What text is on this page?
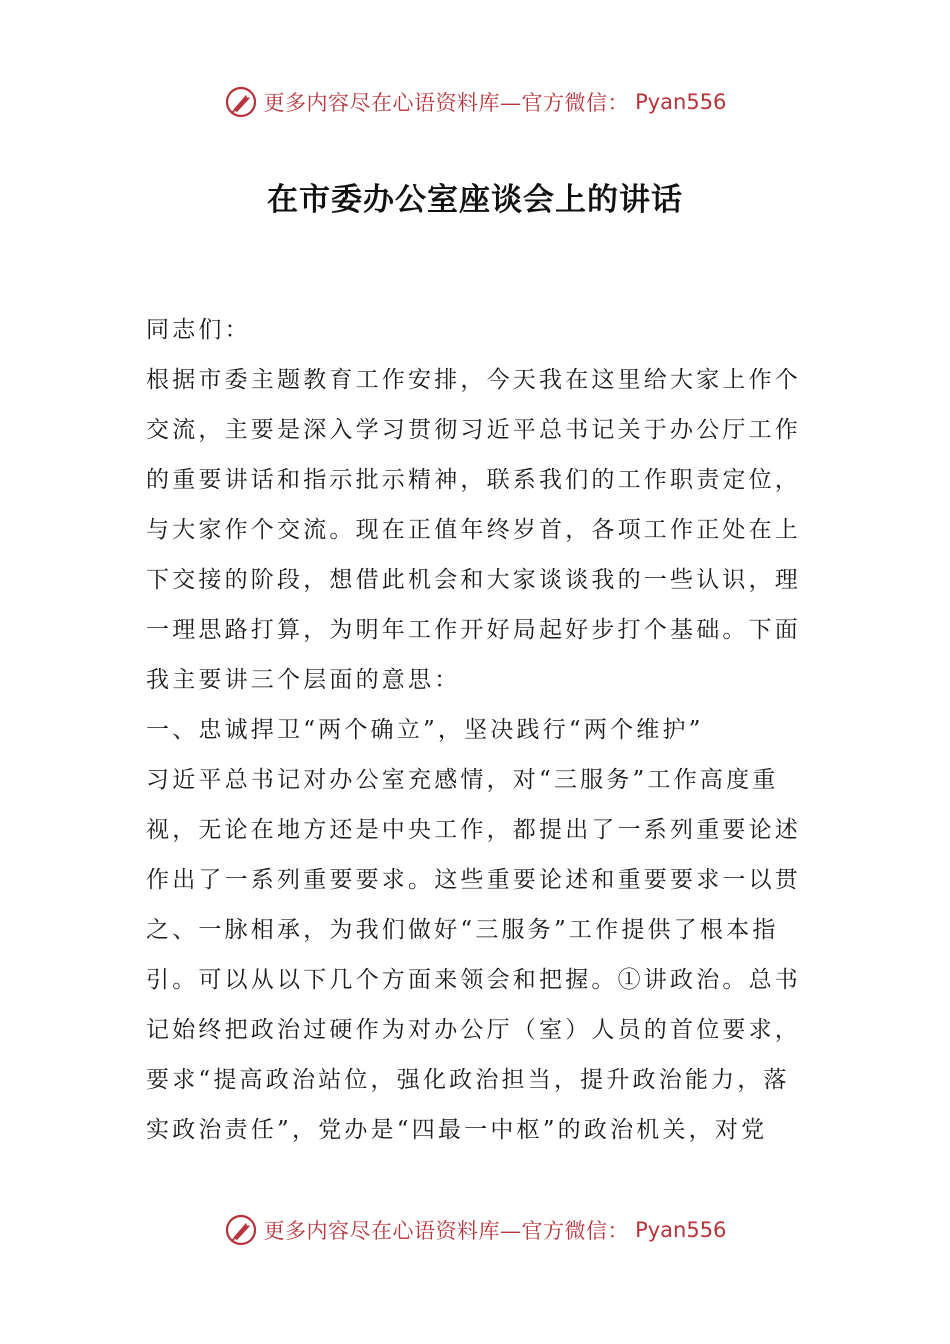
更多内容尽在心语资料库—官方微信： Pyan556
在市委办公室座谈会上的讲话
同志们：
根据市委主题教育工作安排，今天我在这里给大家上作个
交流，主要是深入学习贯彻习近平总书记关于办公厅工作
的重要讲话和指示批示精神，联系我们的工作职责定位，
与大家作个交流。现在正值年终岁首，各项工作正处在上
下交接的阶段，想借此机会和大家谈谈我的一些认识，理
一理思路打算，为明年工作开好局起好步打个基础。下面
我主要讲三个层面的意思：
一、忠诚捍卫“两个确立”，坚决践行“两个维护”
习近平总书记对办公室充感情，对“三服务”工作高度重
视，无论在地方还是中央工作，都提出了一系列重要论述
作出了一系列重要要求。这些重要论述和重要要求一以贯
之、一脉相承，为我们做好“三服务”工作提供了根本指
引。可以从以下几个方面来领会和把握。①讲政治。总书
记始终把政治过硬作为对办公厅（室）人员的首位要求，
要求“提高政治站位，强化政治担当，提升政治能力，落
实政治责任”，党办是“四最一中枢”的政治机关，对党
更多内容尽在心语资料库—官方微信： Pyan556
